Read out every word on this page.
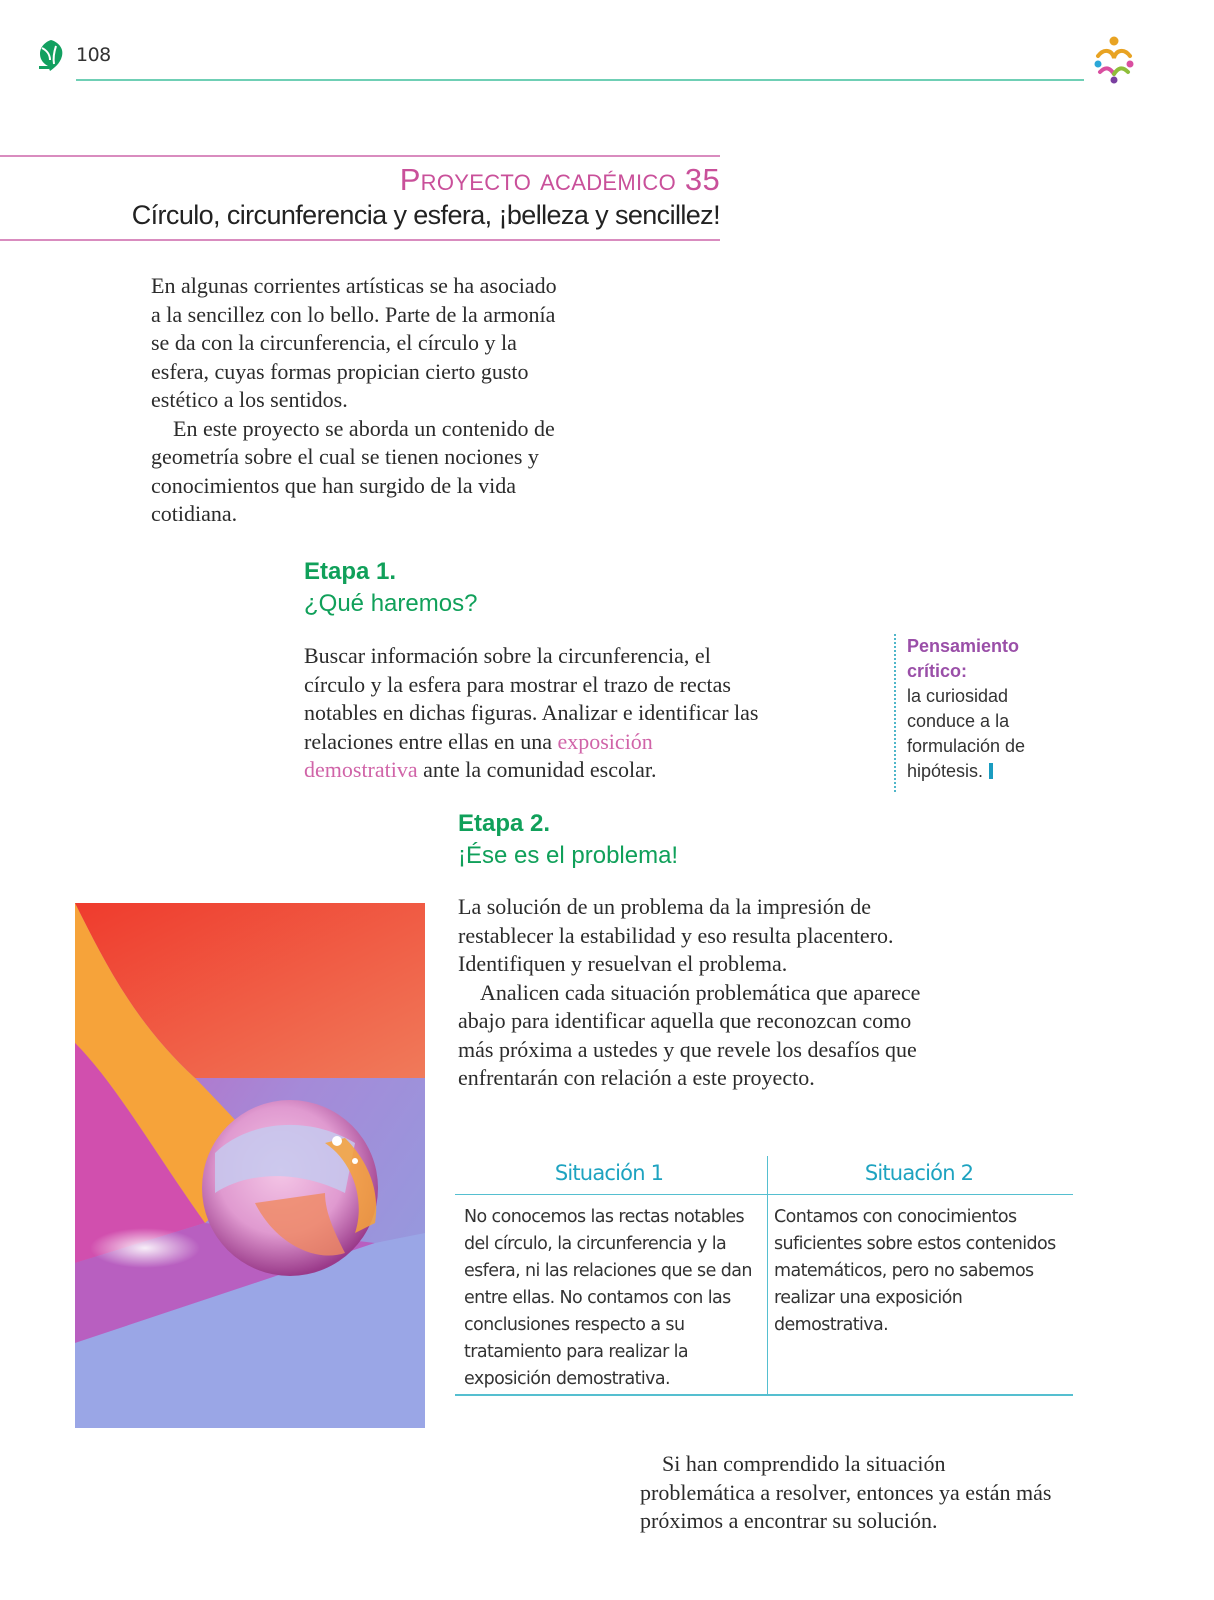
108
Proyecto académico 35
Círculo, circunferencia y esfera, ¡belleza y sencillez!

En algunas corrientes artísticas se ha asociado a la sencillez con lo bello. Parte de la armonía se da con la circunferencia, el círculo y la esfera, cuyas formas propician cierto gusto estético a los sentidos.

En este proyecto se aborda un contenido de geometría sobre el cual se tienen nociones y conocimientos que han surgido de la vida cotidiana.

Etapa 1.
¿Qué haremos?
Buscar información sobre la circunferencia, el círculo y la esfera para mostrar el trazo de rectas notables en dichas figuras. Analizar e identificar las relaciones entre ellas en una exposición demostrativa ante la comunidad escolar.
Pensamiento crítico:
la curiosidad conduce a la formulación de hipótesis.
Etapa 2.
¡Ése es el problema!

La solución de un problema da la impresión de restablecer la estabilidad y eso resulta placentero. Identifiquen y resuelvan el problema.

Analicen cada situación problemática que aparece abajo para identificar aquella que reconozcan como más próxima a ustedes y que revele los desafíos que enfrentarán con relación a este proyecto.

Situación 1
No conocemos las rectas notables del círculo, la circunferencia y la esfera, ni las relaciones que se dan entre ellas. No contamos con las conclusiones respecto a su tratamiento para realizar la exposición demostrativa.
Situación 2
Contamos con conocimientos suficientes sobre estos contenidos matemáticos, pero no sabemos realizar una exposición demostrativa.
Si han comprendido la situación problemática a resolver, entonces ya están más próximos a encontrar su solución.
